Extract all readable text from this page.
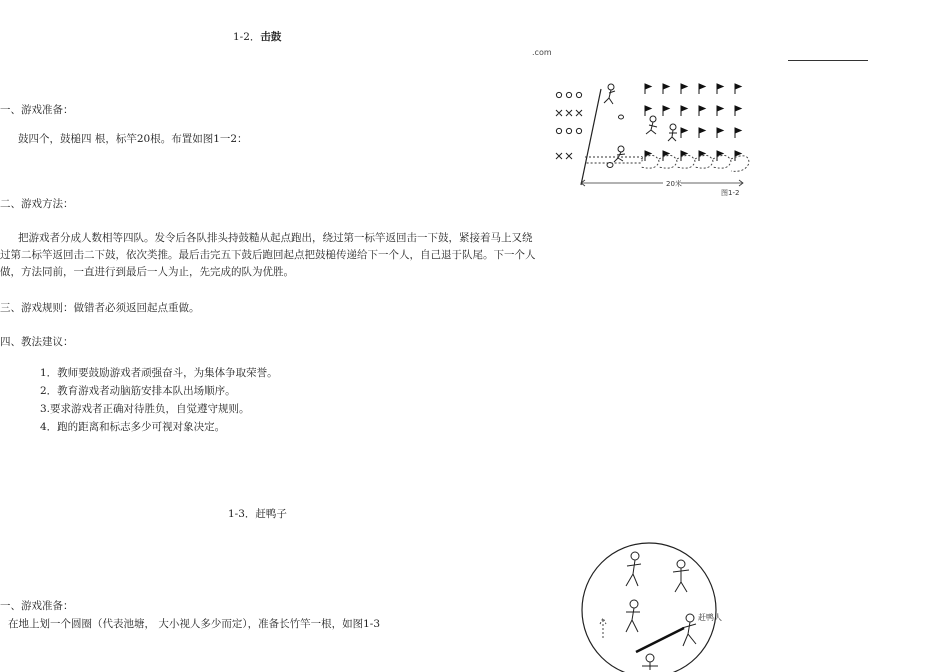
1-2．击鼓
.com
一、游戏准备：
鼓四个，鼓槌四 根，标竿20根。布置如图1一2：
二、游戏方法：
把游戏者分成人数相等四队。发令后各队排头持鼓糙从起点跑出，绕过第一标竿返回击一下鼓，紧接着马上又绕过第二标竿返回击二下鼓，依次类推。最后击完五下鼓后跑回起点把鼓槌传递给下一个人，自己退于队尾。下一个人做，方法同前，一直进行到最后一人为止，先完成的队为优胜。
三、游戏规则：做错者必须返回起点重做。
四、教法建议：
1．教师要鼓励游戏者顽强奋斗，为集体争取荣誉。
2．教育游戏者动脑筋安排本队出场顺序。
3.要求游戏者正确对待胜负，自觉遵守规则。
4．跑的距离和标志多少可视对象决定。
20米
图1-2
1-3．赶鸭子
一、游戏准备：
在地上划一个圆圈（代表池塘， 大小视人多少而定），准备长竹竿一根，如图1-3
赶鸭人
